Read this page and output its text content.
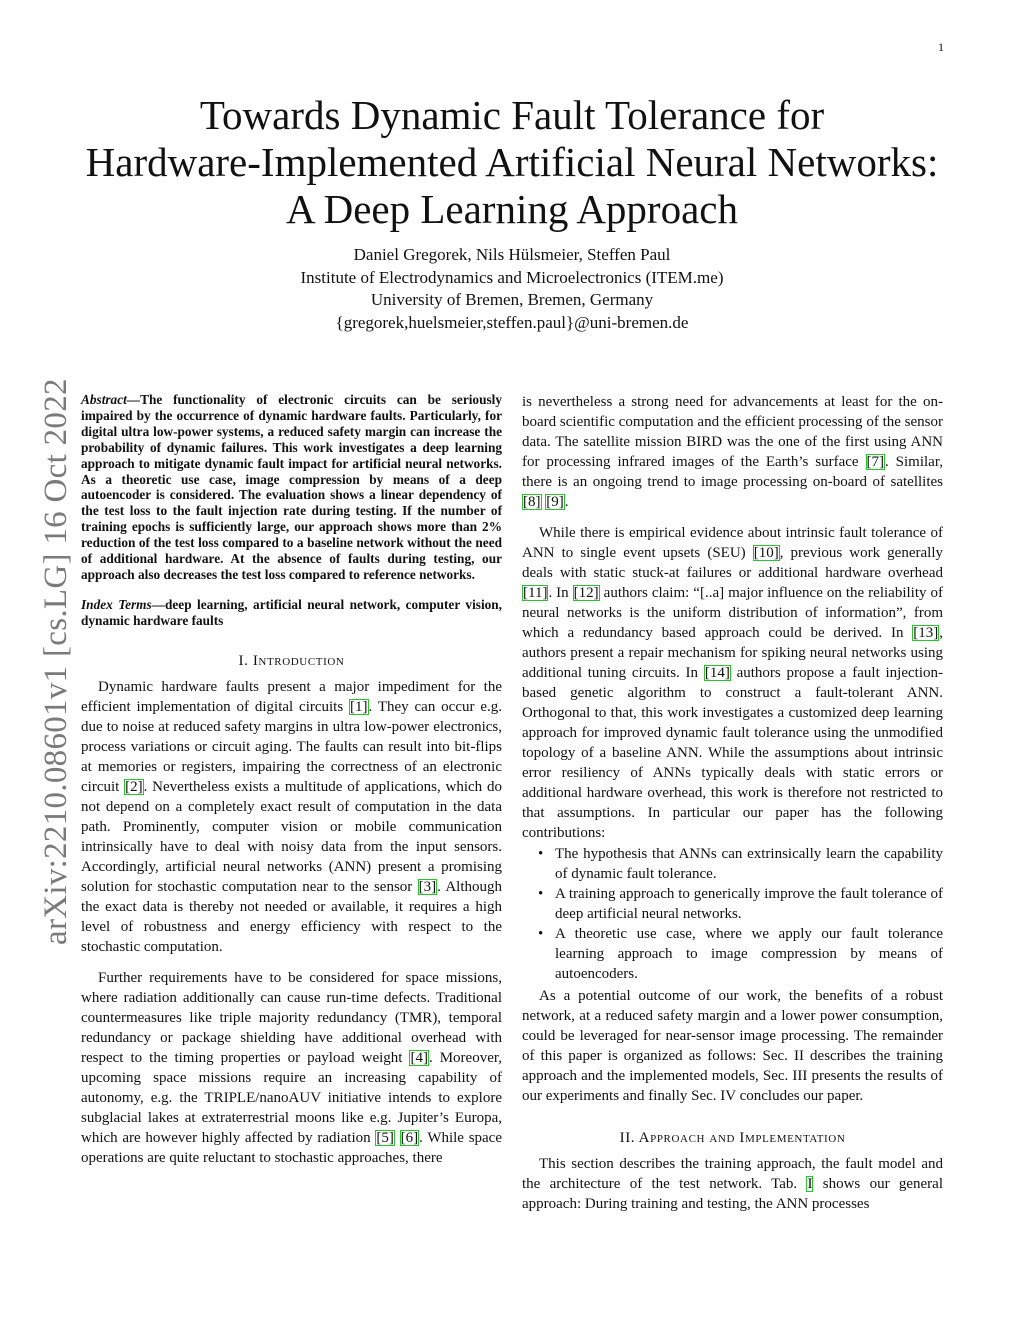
1
Towards Dynamic Fault Tolerance for
Hardware-Implemented Artificial Neural Networks:
A Deep Learning Approach
Daniel Gregorek, Nils Hülsmeier, Steffen Paul
Institute of Electrodynamics and Microelectronics (ITEM.me)
University of Bremen, Bremen, Germany
{gregorek,huelsmeier,steffen.paul}@uni-bremen.de
arXiv:2210.08601v1 [cs.LG] 16 Oct 2022 Abstract—The functionality of electronic circuits can be seriously impaired by the occurrence of dynamic hardware faults. Particularly, for digital ultra low-power systems, a reduced safety margin can increase the probability of dynamic failures. This work investigates a deep learning approach to mitigate dynamic fault impact for artificial neural networks. As a theoretic use case, image compression by means of a deep autoencoder is considered. The evaluation shows a linear dependency of the test loss to the fault injection rate during testing. If the number of training epochs is sufficiently large, our approach shows more than 2% reduction of the test loss compared to a baseline network without the need of additional hardware. At the absence of faults during testing, our approach also decreases the test loss compared to reference networks.

Index Terms—deep learning, artificial neural network, computer vision, dynamic hardware faults

I. Introduction

Dynamic hardware faults present a major impediment for the efficient implementation of digital circuits [1]. They can occur e.g. due to noise at reduced safety margins in ultra low-power electronics, process variations or circuit aging. The faults can result into bit-flips at memories or registers, impairing the correctness of an electronic circuit [2]. Nevertheless exists a multitude of applications, which do not depend on a completely exact result of computation in the data path. Prominently, computer vision or mobile communication intrinsically have to deal with noisy data from the input sensors. Accordingly, artificial neural networks (ANN) present a promising solution for stochastic computation near to the sensor [3]. Although the exact data is thereby not needed or available, it requires a high level of robustness and energy efficiency with respect to the stochastic computation.

Further requirements have to be considered for space missions, where radiation additionally can cause run-time defects. Traditional countermeasures like triple majority redundancy (TMR), temporal redundancy or package shielding have additional overhead with respect to the timing properties or payload weight [4]. Moreover, upcoming space missions require an increasing capability of autonomy, e.g. the TRIPLE/nanoAUV initiative intends to explore subglacial lakes at extraterrestrial moons like e.g. Jupiter’s Europa, which are however highly affected by radiation [5] [6]. While space operations are quite reluctant to stochastic approaches, there

is nevertheless a strong need for advancements at least for the on-board scientific computation and the efficient processing of the sensor data. The satellite mission BIRD was the one of the first using ANN for processing infrared images of the Earth’s surface [7]. Similar, there is an ongoing trend to image processing on-board of satellites [8] [9].

While there is empirical evidence about intrinsic fault tolerance of ANN to single event upsets (SEU) [10], previous work generally deals with static stuck-at failures or additional hardware overhead [11]. In [12] authors claim: “[..a] major influence on the reliability of neural networks is the uniform distribution of information”, from which a redundancy based approach could be derived. In [13], authors present a repair mechanism for spiking neural networks using additional tuning circuits. In [14] authors propose a fault injection-based genetic algorithm to construct a fault-tolerant ANN. Orthogonal to that, this work investigates a customized deep learning approach for improved dynamic fault tolerance using the unmodified topology of a baseline ANN. While the assumptions about intrinsic error resiliency of ANNs typically deals with static errors or additional hardware overhead, this work is therefore not restricted to that assumptions. In particular our paper has the following contributions:

• The hypothesis that ANNs can extrinsically learn the capability of dynamic fault tolerance.
• A training approach to generically improve the fault tolerance of deep artificial neural networks.
• A theoretic use case, where we apply our fault tolerance learning approach to image compression by means of autoencoders.

As a potential outcome of our work, the benefits of a robust network, at a reduced safety margin and a lower power consumption, could be leveraged for near-sensor image processing. The remainder of this paper is organized as follows: Sec. II describes the training approach and the implemented models, Sec. III presents the results of our experiments and finally Sec. IV concludes our paper.

II. Approach and Implementation

This section describes the training approach, the fault model and the architecture of the test network. Tab. I shows our general approach: During training and testing, the ANN processes
